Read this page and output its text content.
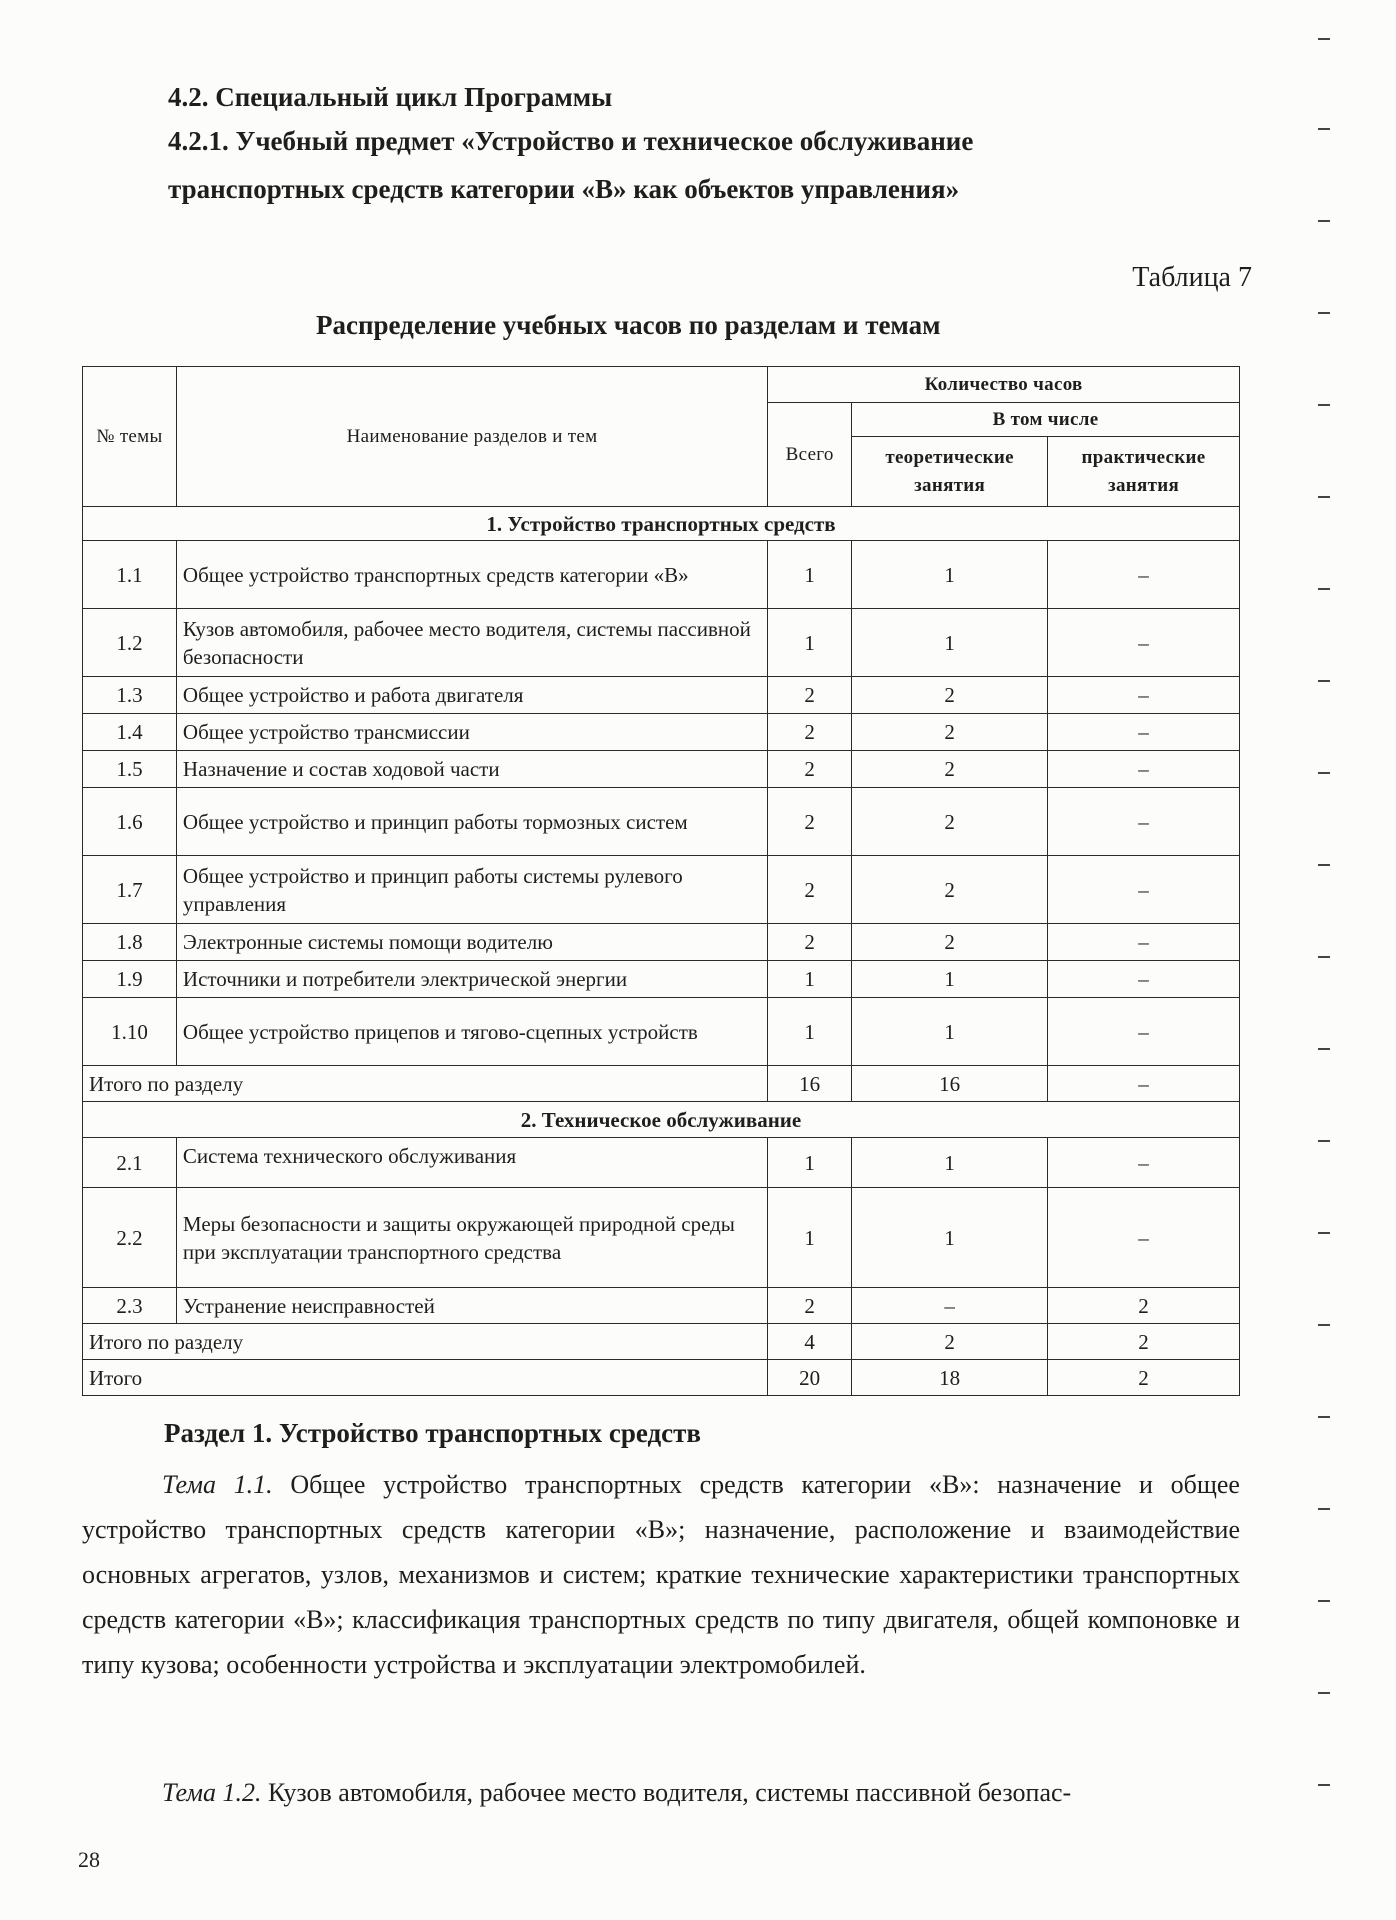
4.2. Специальный цикл Программы
4.2.1. Учебный предмет «Устройство и техническое обслуживание
транспортных средств категории «В» как объектов управления»
Таблица 7
Распределение учебных часов по разделам и темам
№ темы	Наименование разделов и тем	Количество часов		
		Всего	В том числе	
			теоретические занятия	практические занятия
1. Устройство транспортных средств				
1.1	Общее устройство транспортных средств категории «В»	1	1	–
1.2	Кузов автомобиля, рабочее место водителя, системы пассивной безопасности	1	1	–
1.3	Общее устройство и работа двигателя	2	2	–
1.4	Общее устройство трансмиссии	2	2	–
1.5	Назначение и состав ходовой части	2	2	–
1.6	Общее устройство и принцип работы тормозных систем	2	2	–
1.7	Общее устройство и принцип работы системы рулевого управления	2	2	–
1.8	Электронные системы помощи водителю	2	2	–
1.9	Источники и потребители электрической энергии	1	1	–
1.10	Общее устройство прицепов и тягово-сцепных устройств	1	1	–
Итого по разделу		16	16	–
2. Техническое обслуживание				
2.1	Система технического обслуживания	1	1	–
2.2	Меры безопасности и защиты окружающей природной среды при эксплуатации транспортного средства	1	1	–
2.3	Устранение неисправностей	2	–	2
Итого по разделу		4	2	2
Итого		20	18	2
Раздел 1. Устройство транспортных средств
Тема 1.1. Общее устройство транспортных средств категории «В»: назначение и общее устройство транспортных средств категории «В»; назначение, расположение и взаимодействие основных агрегатов, узлов, механизмов и систем; краткие технические характеристики транспортных средств категории «В»; классификация транспортных средств по типу двигателя, общей компоновке и типу кузова; особенности устройства и эксплуатации электромобилей.
Тема 1.2. Кузов автомобиля, рабочее место водителя, системы пассивной безопас-
28
